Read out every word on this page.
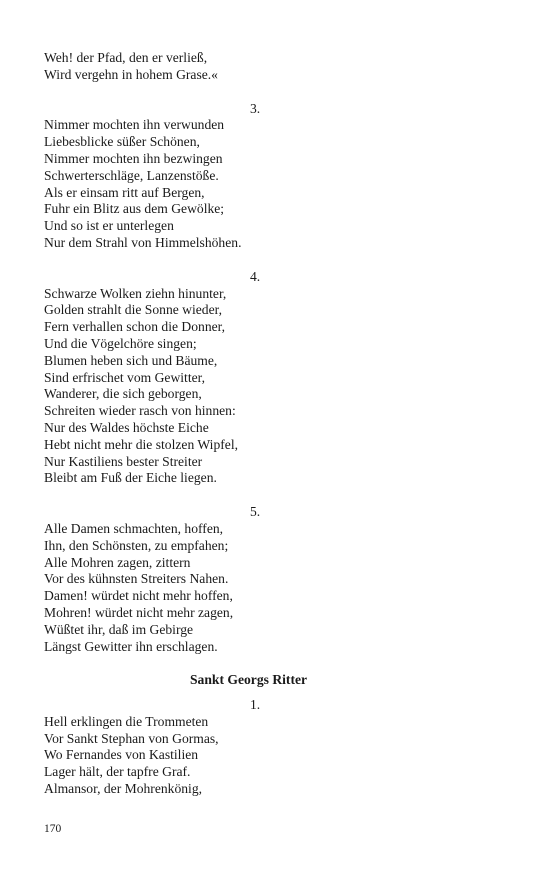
Weh! der Pfad, den er verließ,
Wird vergehn in hohem Grase.«
3.
Nimmer mochten ihn verwunden
Liebesblicke süßer Schönen,
Nimmer mochten ihn bezwingen
Schwerterschläge, Lanzenstöße.
Als er einsam ritt auf Bergen,
Fuhr ein Blitz aus dem Gewölke;
Und so ist er unterlegen
Nur dem Strahl von Himmelshöhen.
4.
Schwarze Wolken ziehn hinunter,
Golden strahlt die Sonne wieder,
Fern verhallen schon die Donner,
Und die Vögelchöre singen;
Blumen heben sich und Bäume,
Sind erfrischet vom Gewitter,
Wanderer, die sich geborgen,
Schreiten wieder rasch von hinnen:
Nur des Waldes höchste Eiche
Hebt nicht mehr die stolzen Wipfel,
Nur Kastiliens bester Streiter
Bleibt am Fuß der Eiche liegen.
5.
Alle Damen schmachten, hoffen,
Ihn, den Schönsten, zu empfahen;
Alle Mohren zagen, zittern
Vor des kühnsten Streiters Nahen.
Damen! würdet nicht mehr hoffen,
Mohren! würdet nicht mehr zagen,
Wüßtet ihr, daß im Gebirge
Längst Gewitter ihn erschlagen.
Sankt Georgs Ritter
1.
Hell erklingen die Trommeten
Vor Sankt Stephan von Gormas,
Wo Fernandes von Kastilien
Lager hält, der tapfre Graf.
Almansor, der Mohrenkönig,
170
